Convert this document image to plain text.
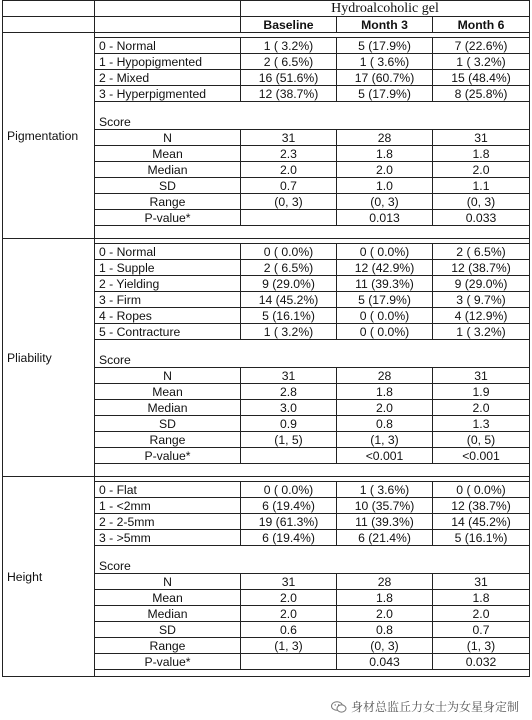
		Hydroalcoholic gel		
		Baseline	Month 3	Month 6
Pigmentation				
	0 - Normal	1 ( 3.2%)	5 (17.9%)	7 (22.6%)
	1 - Hypopigmented	2 ( 6.5%)	1 ( 3.6%)	1 ( 3.2%)
	2 - Mixed	16 (51.6%)	17 (60.7%)	15 (48.4%)
	3 - Hyperpigmented	12 (38.7%)	5 (17.9%)	8 (25.8%)

	Score			
	N	31	28	31
	Mean	2.3	1.8	1.8
	Median	2.0	2.0	2.0
	SD	0.7	1.0	1.1
	Range	(0, 3)	(0, 3)	(0, 3)
	P-value*		0.013	0.033

Pliability				
	0 - Normal	0 ( 0.0%)	0 ( 0.0%)	2 ( 6.5%)
	1 - Supple	2 ( 6.5%)	12 (42.9%)	12 (38.7%)
	2 - Yielding	9 (29.0%)	11 (39.3%)	9 (29.0%)
	3 - Firm	14 (45.2%)	5 (17.9%)	3 ( 9.7%)
	4 - Ropes	5 (16.1%)	0 ( 0.0%)	4 (12.9%)
	5 - Contracture	1 ( 3.2%)	0 ( 0.0%)	1 ( 3.2%)

	Score			
	N	31	28	31
	Mean	2.8	1.8	1.9
	Median	3.0	2.0	2.0
	SD	0.9	0.8	1.3
	Range	(1, 5)	(1, 3)	(0, 5)
	P-value*		<0.001	<0.001

Height				
	0 - Flat	0 ( 0.0%)	1 ( 3.6%)	0 ( 0.0%)
	1 - <2mm	6 (19.4%)	10 (35.7%)	12 (38.7%)
	2 - 2-5mm	19 (61.3%)	11 (39.3%)	14 (45.2%)
	3 - >5mm	6 (19.4%)	6 (21.4%)	5 (16.1%)

	Score			
	N	31	28	31
	Mean	2.0	1.8	1.8
	Median	2.0	2.0	2.0
	SD	0.6	0.8	0.7
	Range	(1, 3)	(0, 3)	(1, 3)
	P-value*		0.043	0.032

身材总监丘力女士为女星身定制
